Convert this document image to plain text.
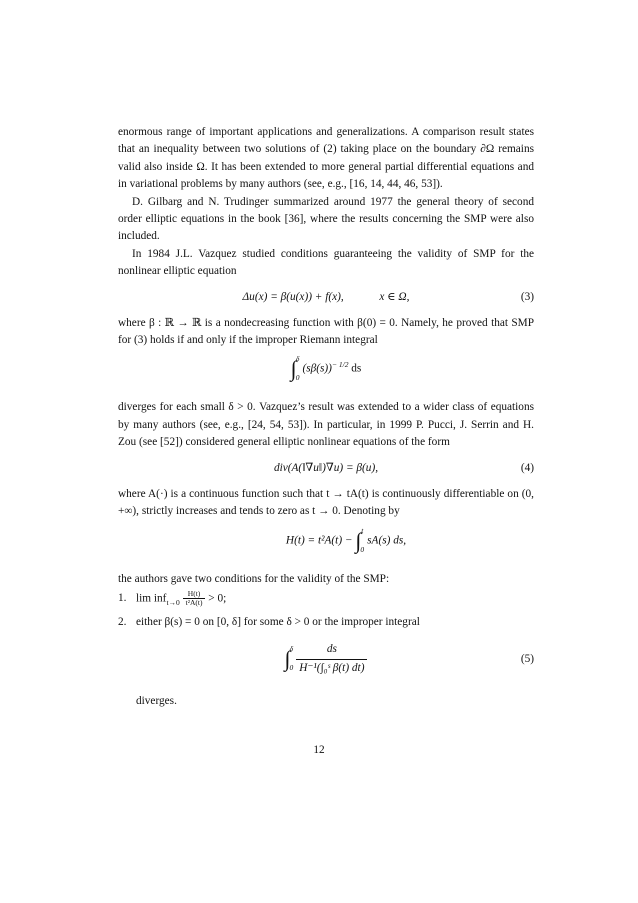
enormous range of important applications and generalizations. A comparison result states that an inequality between two solutions of (2) taking place on the boundary ∂Ω remains valid also inside Ω. It has been extended to more general partial differential equations and in variational problems by many authors (see, e.g., [16, 14, 44, 46, 53]).

D. Gilbarg and N. Trudinger summarized around 1977 the general theory of second order elliptic equations in the book [36], where the results concerning the SMP were also included.

In 1984 J.L. Vazquez studied conditions guaranteeing the validity of SMP for the nonlinear elliptic equation

Δu(x) = β(u(x)) + f(x),	x ∈ Ω,	(3)

where β : ℝ → ℝ is a nondecreasing function with β(0) = 0. Namely, he proved that SMP for (3) holds if and only if the improper Riemann integral

∫ δ
0
$(s\beta(s))^{- 1/2}$ ds

diverges for each small δ > 0. Vazquez’s result was extended to a wider class of equations by many authors (see, e.g., [24, 54, 53]). In particular, in 1999 P. Pucci, J. Serrin and H. Zou (see [52]) considered general elliptic nonlinear equations of the form

div(A(‖∇u‖)∇u) = β(u),	(4)

where A(·) is a continuous function such that t → tA(t) is continuously differentiable on (0, +∞), strictly increases and tends to zero as t → 0. Denoting by

H(t) = t²A(t) − ∫ t
0
sA(s) ds,

the authors gave two conditions for the validity of the SMP:

1. $\lim inf_{t\to 0} \frac{H(t)}{\text{t²A(t)}} > 0$;
2. either β(s) = 0 on [0, δ] for some δ > 0 or the improper integral
∫ δ
$0 \frac{ds}{\text{H⁻¹(∫₀ˢ β(t) dt)}}$	(5)

diverges.

12
